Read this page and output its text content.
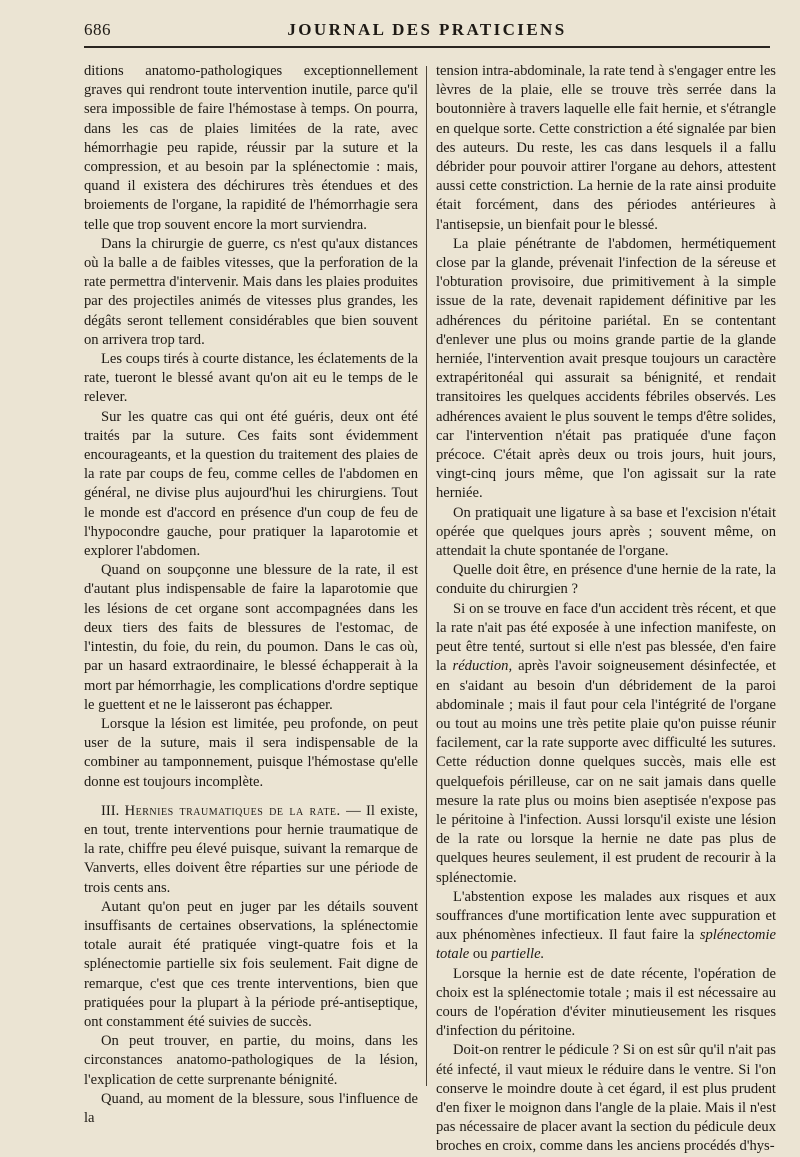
686	JOURNAL DES PRATICIENS

ditions anatomo-pathologiques exceptionnellement graves qui rendront toute intervention inutile, parce qu'il sera impossible de faire l'hémostase à temps. On pourra, dans les cas de plaies limitées de la rate, avec hémorrhagie peu rapide, réussir par la suture et la compression, et au besoin par la splénectomie : mais, quand il existera des déchirures très étendues et des broiements de l'organe, la rapidité de l'hémorrhagie sera telle que trop souvent encore la mort surviendra.

Dans la chirurgie de guerre, cs n'est qu'aux distances où la balle a de faibles vitesses, que la perforation de la rate permettra d'intervenir. Mais dans les plaies produites par des projectiles animés de vitesses plus grandes, les dégâts seront tellement considérables que bien souvent on arrivera trop tard.

Les coups tirés à courte distance, les éclatements de la rate, tueront le blessé avant qu'on ait eu le temps de le relever.

Sur les quatre cas qui ont été guéris, deux ont été traités par la suture. Ces faits sont évidemment encourageants, et la question du traitement des plaies de la rate par coups de feu, comme celles de l'abdomen en général, ne divise plus aujourd'hui les chirurgiens. Tout le monde est d'accord en présence d'un coup de feu de l'hypocondre gauche, pour pratiquer la laparotomie et explorer l'abdomen.

Quand on soupçonne une blessure de la rate, il est d'autant plus indispensable de faire la laparotomie que les lésions de cet organe sont accompagnées dans les deux tiers des faits de blessures de l'estomac, de l'intestin, du foie, du rein, du poumon. Dans le cas où, par un hasard extraordinaire, le blessé échapperait à la mort par hémorrhagie, les complications d'ordre septique le guettent et ne le laisseront pas échapper.

Lorsque la lésion est limitée, peu profonde, on peut user de la suture, mais il sera indispensable de la combiner au tamponnement, puisque l'hémostase qu'elle donne est toujours incomplète.

III. Hernies traumatiques de la rate. — Il existe, en tout, trente interventions pour hernie traumatique de la rate, chiffre peu élevé puisque, suivant la remarque de Vanverts, elles doivent être réparties sur une période de trois cents ans.

Autant qu'on peut en juger par les détails souvent insuffisants de certaines observations, la splénectomie totale aurait été pratiquée vingt-quatre fois et la splénectomie partielle six fois seulement. Fait digne de remarque, c'est que ces trente interventions, bien que pratiquées pour la plupart à la période pré-antiseptique, ont constamment été suivies de succès.

On peut trouver, en partie, du moins, dans les circonstances anatomo-pathologiques de la lésion, l'explication de cette surprenante bénignité.

Quand, au moment de la blessure, sous l'influence de la

tension intra-abdominale, la rate tend à s'engager entre les lèvres de la plaie, elle se trouve très serrée dans la boutonnière à travers laquelle elle fait hernie, et s'étrangle en quelque sorte. Cette constriction a été signalée par bien des auteurs. Du reste, les cas dans lesquels il a fallu débrider pour pouvoir attirer l'organe au dehors, attestent aussi cette constriction. La hernie de la rate ainsi produite était forcément, dans des périodes antérieures à l'antisepsie, un bienfait pour le blessé.

La plaie pénétrante de l'abdomen, hermétiquement close par la glande, prévenait l'infection de la séreuse et l'obturation provisoire, due primitivement à la simple issue de la rate, devenait rapidement définitive par les adhérences du péritoine pariétal. En se contentant d'enlever une plus ou moins grande partie de la glande herniée, l'intervention avait presque toujours un caractère extrapéritonéal qui assurait sa bénignité, et rendait transitoires les quelques accidents fébriles observés. Les adhérences avaient le plus souvent le temps d'être solides, car l'intervention n'était pas pratiquée d'une façon précoce. C'était après deux ou trois jours, huit jours, vingt-cinq jours même, que l'on agissait sur la rate herniée.

On pratiquait une ligature à sa base et l'excision n'était opérée que quelques jours après ; souvent même, on attendait la chute spontanée de l'organe.

Quelle doit être, en présence d'une hernie de la rate, la conduite du chirurgien ?

Si on se trouve en face d'un accident très récent, et que la rate n'ait pas été exposée à une infection manifeste, on peut être tenté, surtout si elle n'est pas blessée, d'en faire la réduction, après l'avoir soigneusement désinfectée, et en s'aidant au besoin d'un débridement de la paroi abdominale ; mais il faut pour cela l'intégrité de l'organe ou tout au moins une très petite plaie qu'on puisse réunir facilement, car la rate supporte avec difficulté les sutures. Cette réduction donne quelques succès, mais elle est quelquefois périlleuse, car on ne sait jamais dans quelle mesure la rate plus ou moins bien aseptisée n'expose pas le péritoine à l'infection. Aussi lorsqu'il existe une lésion de la rate ou lorsque la hernie ne date pas plus de quelques heures seulement, il est prudent de recourir à la splénectomie.

L'abstention expose les malades aux risques et aux souffrances d'une mortification lente avec suppuration et aux phénomènes infectieux. Il faut faire la splénectomie totale ou partielle.

Lorsque la hernie est de date récente, l'opération de choix est la splénectomie totale ; mais il est nécessaire au cours de l'opération d'éviter minutieusement les risques d'infection du péritoine.

Doit-on rentrer le pédicule ? Si on est sûr qu'il n'ait pas été infecté, il vaut mieux le réduire dans le ventre. Si l'on conserve le moindre doute à cet égard, il est plus prudent d'en fixer le moignon dans l'angle de la plaie. Mais il n'est pas nécessaire de placer avant la section du pédicule deux broches en croix, comme dans les anciens procédés d'hys-
